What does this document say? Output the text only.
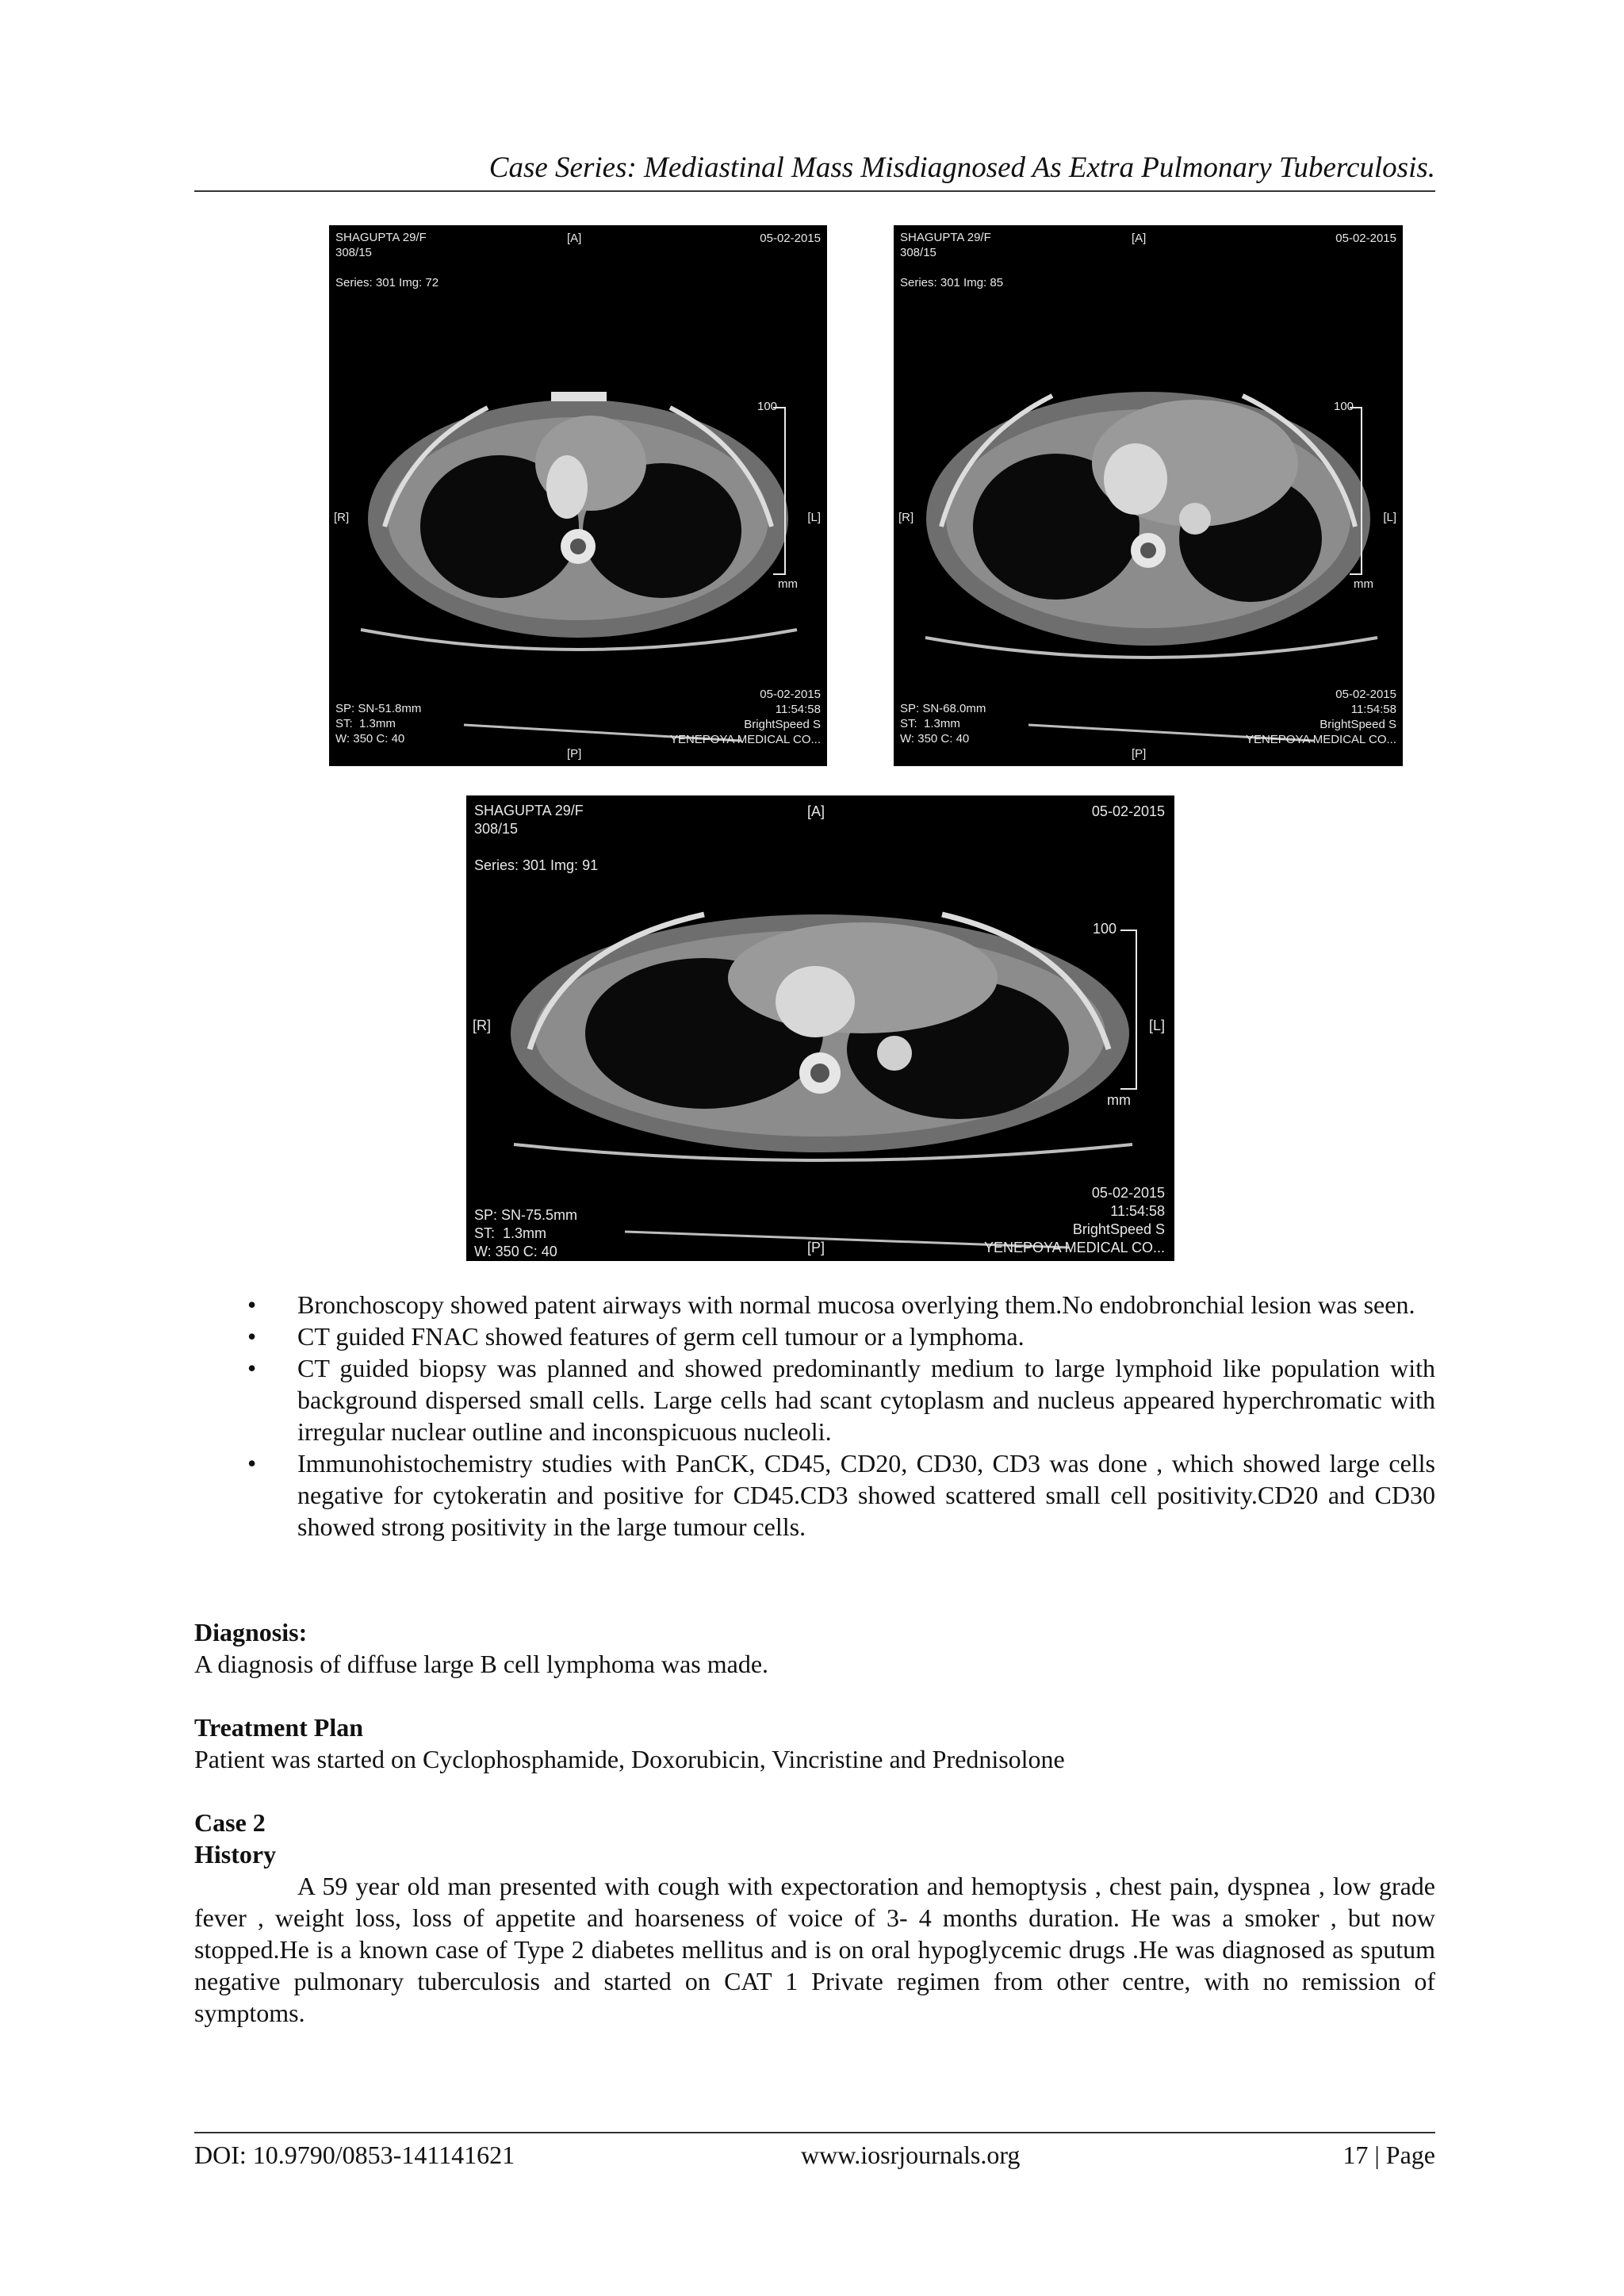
Case Series: Mediastinal Mass Misdiagnosed As Extra Pulmonary Tuberculosis.
SHAGUPTA 29/F
308/15

Series: 301 Img: 72
[A]	05-02-2015
[R]	[L]
100
mm
SP: SN-51.8mm
ST:  1.3mm
W: 350 C: 40
[P]
05-02-2015
11:54:58
BrightSpeed S
YENEPOYA MEDICAL CO...
SHAGUPTA 29/F
308/15

Series: 301 Img: 85
[A]	05-02-2015
[R]	[L]
100
mm
SP: SN-68.0mm
ST:  1.3mm
W: 350 C: 40
[P]
05-02-2015
11:54:58
BrightSpeed S
YENEPOYA MEDICAL CO...
SHAGUPTA 29/F
308/15

Series: 301 Img: 91
[A]	05-02-2015
[R]	[L]
100
mm
SP: SN-75.5mm
ST:  1.3mm
W: 350 C: 40	[P]
05-02-2015
11:54:58
BrightSpeed S
YENEPOYA MEDICAL CO...
• Bronchoscopy showed patent airways with normal mucosa overlying them.No endobronchial lesion was seen.
• CT guided FNAC showed features of germ cell tumour or a lymphoma.
• CT guided biopsy was planned and showed predominantly medium to large lymphoid like population with background dispersed small cells. Large cells had scant cytoplasm and nucleus appeared hyperchromatic with irregular nuclear outline and inconspicuous nucleoli.
• Immunohistochemistry studies with PanCK, CD45, CD20, CD30, CD3 was done , which showed large cells negative for cytokeratin and positive for CD45.CD3 showed scattered small cell positivity.CD20 and CD30 showed strong positivity in the large tumour cells.
Diagnosis:
A diagnosis of diffuse large B cell lymphoma was made.
Treatment Plan
Patient was started on Cyclophosphamide, Doxorubicin, Vincristine and Prednisolone
Case 2
History
A 59 year old man presented with cough with expectoration and hemoptysis , chest pain, dyspnea , low grade fever , weight loss, loss of appetite and hoarseness of voice of 3- 4 months duration. He was a smoker , but now stopped.He is a known case of Type 2 diabetes mellitus and is on oral hypoglycemic drugs .He was diagnosed as sputum negative pulmonary tuberculosis and started on CAT 1 Private regimen from other centre, with no remission of symptoms.
DOI: 10.9790/0853-141141621	www.iosrjournals.org	17 | Page
